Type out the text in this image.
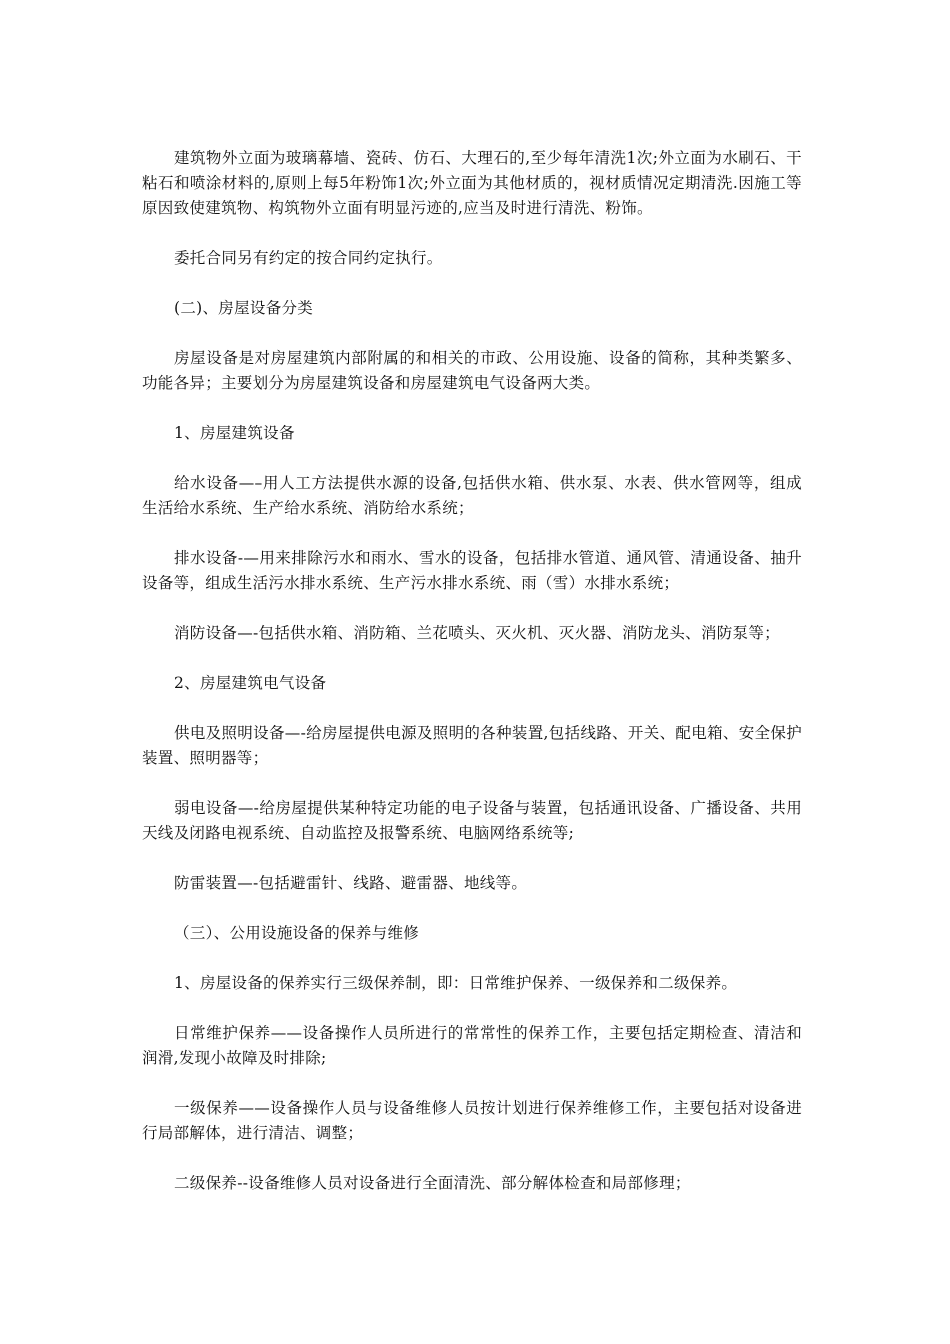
建筑物外立面为玻璃幕墙、瓷砖、仿石、大理石的,至少每年清洗1次;外立面为水刷石、干粘石和喷涂材料的,原则上每5年粉饰1次;外立面为其他材质的，视材质情况定期清洗.因施工等原因致使建筑物、构筑物外立面有明显污迹的,应当及时进行清洗、粉饰。

委托合同另有约定的按合同约定执行。

(二)、房屋设备分类

房屋设备是对房屋建筑内部附属的和相关的市政、公用设施、设备的简称，其种类繁多、功能各异；主要划分为房屋建筑设备和房屋建筑电气设备两大类。

1、房屋建筑设备

给水设备—–用人工方法提供水源的设备,包括供水箱、供水泵、水表、供水管网等，组成生活给水系统、生产给水系统、消防给水系统；

排水设备-—用来排除污水和雨水、雪水的设备，包括排水管道、通风管、清通设备、抽升设备等，组成生活污水排水系统、生产污水排水系统、雨（雪）水排水系统；

消防设备—-包括供水箱、消防箱、兰花喷头、灭火机、灭火器、消防龙头、消防泵等；

2、房屋建筑电气设备

供电及照明设备—-给房屋提供电源及照明的各种装置,包括线路、开关、配电箱、安全保护装置、照明器等；

弱电设备—-给房屋提供某种特定功能的电子设备与装置，包括通讯设备、广播设备、共用天线及闭路电视系统、自动监控及报警系统、电脑网络系统等;

防雷装置—-包括避雷针、线路、避雷器、地线等。

（三）、公用设施设备的保养与维修

1、房屋设备的保养实行三级保养制，即：日常维护保养、一级保养和二级保养。

日常维护保养——设备操作人员所进行的常常性的保养工作，主要包括定期检查、清洁和润滑,发现小故障及时排除;

一级保养——设备操作人员与设备维修人员按计划进行保养维修工作，主要包括对设备进行局部解体，进行清洁、调整；

二级保养--设备维修人员对设备进行全面清洗、部分解体检查和局部修理；
